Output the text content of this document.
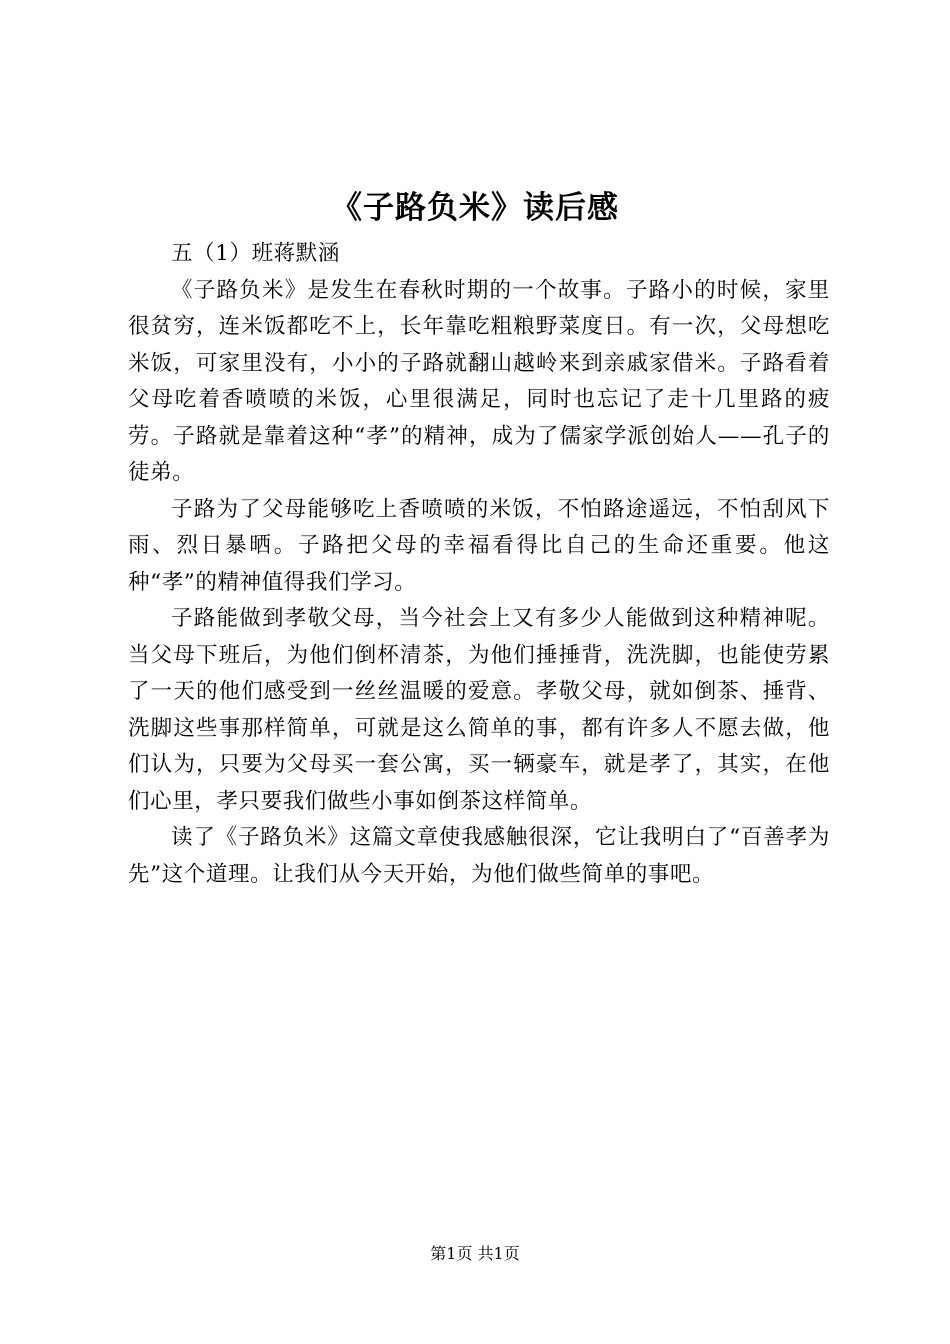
《子路负米》读后感

五（1）班蒋默涵

《子路负米》是发生在春秋时期的一个故事。子路小的时候，家里很贫穷，连米饭都吃不上，长年靠吃粗粮野菜度日。有一次，父母想吃米饭，可家里没有，小小的子路就翻山越岭来到亲戚家借米。子路看着父母吃着香喷喷的米饭，心里很满足，同时也忘记了走十几里路的疲劳。子路就是靠着这种“孝”的精神，成为了儒家学派创始人——孔子的徒弟。

子路为了父母能够吃上香喷喷的米饭，不怕路途遥远，不怕刮风下雨、烈日暴晒。子路把父母的幸福看得比自己的生命还重要。他这种“孝”的精神值得我们学习。

子路能做到孝敬父母，当今社会上又有多少人能做到这种精神呢。当父母下班后，为他们倒杯清茶，为他们捶捶背，洗洗脚，也能使劳累了一天的他们感受到一丝丝温暖的爱意。孝敬父母，就如倒茶、捶背、洗脚这些事那样简单，可就是这么简单的事，都有许多人不愿去做，他们认为，只要为父母买一套公寓，买一辆豪车，就是孝了，其实，在他们心里，孝只要我们做些小事如倒茶这样简单。

读了《子路负米》这篇文章使我感触很深，它让我明白了“百善孝为先”这个道理。让我们从今天开始，为他们做些简单的事吧。

第1页 共1页
